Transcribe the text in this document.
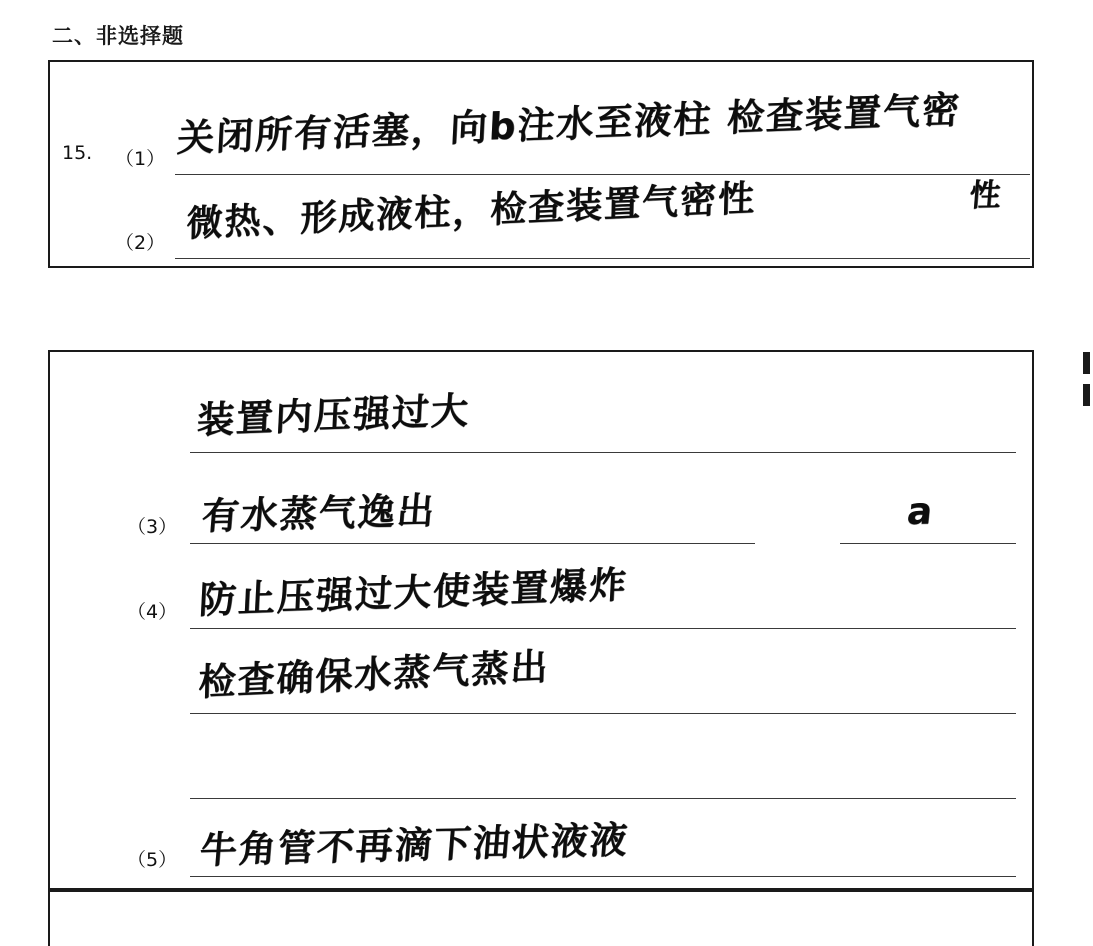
二、非选择题
15. （1） 关闭所有活塞，向b注水至液柱 检查装置气密
性
（2） 微热、形成液柱，检查装置气密性
装置内压强过大
（3） 有水蒸气逸出	a
（4） 防止压强过大使装置爆炸
检查确保水蒸气蒸出
（5） 牛角管不再滴下油状液液
